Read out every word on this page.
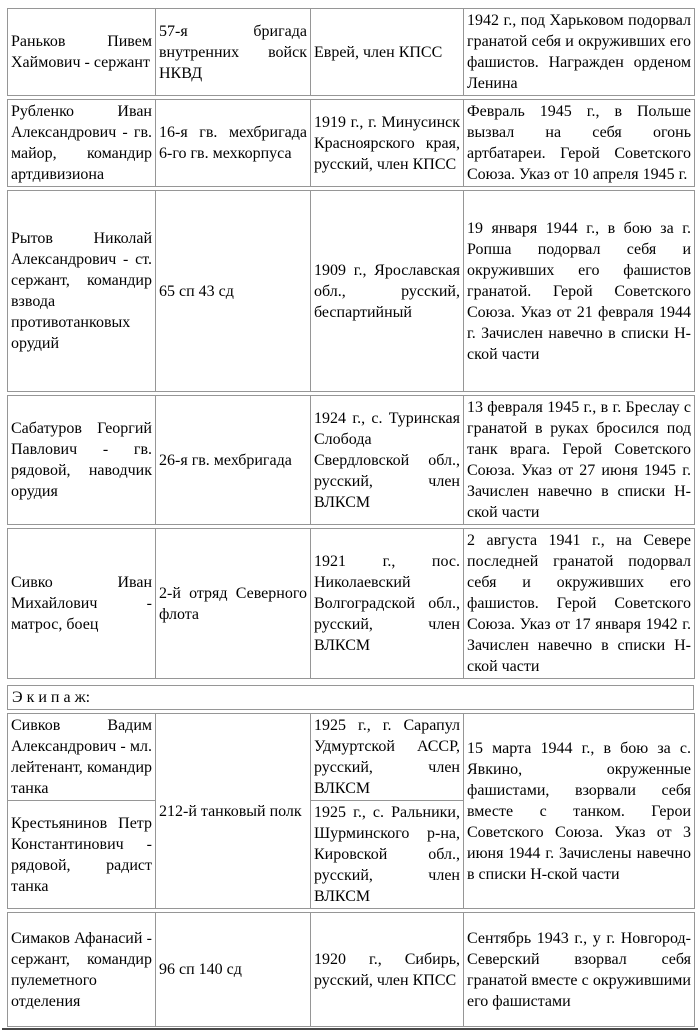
Раньков Пивем Хаймович - сержант	57-я бригада внутренних войск НКВД	Еврей, член КПСС	1942 г., под Харьковом подорвал гранатой себя и окруживших его фашистов. Награжден орденом Ленина
Рубленко Иван Александрович - гв. майор, командир артдивизиона	16-я гв. мехбригада 6-го гв. мехкорпуса	1919 г., г. Минусинск Красноярского края, русский, член КПСС	Февраль 1945 г., в Польше вызвал на себя огонь артбатареи. Герой Советского Союза. Указ от 10 апреля 1945 г.
Рытов Николай Александрович - ст. сержант, командир взвода противотанковых орудий	65 сп 43 сд	1909 г., Ярославская обл., русский, беспартийный	19 января 1944 г., в бою за г. Ропша подорвал себя и окруживших его фашистов гранатой. Герой Советского Союза. Указ от 21 февраля 1944 г. Зачислен навечно в списки Н-ской части
Сабатуров Георгий Павлович - гв. рядовой, наводчик орудия	26-я гв. мехбригада	1924 г., с. Туринская Слобода Свердловской обл., русский, член ВЛКСМ	13 февраля 1945 г., в г. Бреслау с гранатой в руках бросился под танк врага. Герой Советского Союза. Указ от 27 июня 1945 г. Зачислен навечно в списки Н-ской части
Сивко Иван Михайлович - матрос, боец	2-й отряд Северного флота	1921 г., пос. Николаевский Волгоградской обл., русский, член ВЛКСМ	2 августа 1941 г., на Севере последней гранатой подорвал себя и окруживших его фашистов. Герой Советского Союза. Указ от 17 января 1942 г. Зачислен навечно в списки Н-ской части
Э к и п а ж:
Сивков Вадим Александрович - мл. лейтенант, командир танка	212-й танковый полк	1925 г., г. Сарапул Удмуртской АССР, русский, член ВЛКСМ	15 марта 1944 г., в бою за с. Явкино, окруженные фашистами, взорвали себя вместе с танком. Герои Советского Союза. Указ от 3 июня 1944 г. Зачислены навечно в списки Н-ской части
Крестьянинов Петр Константинович - рядовой, радист танка		1925 г., с. Ральники, Шурминского р-на, Кировской обл., русский, член ВЛКСМ	
Симаков Афанасий - сержант, командир пулеметного отделения	96 сп 140 сд	1920 г., Сибирь, русский, член КПСС	Сентябрь 1943 г., у г. Новгород-Северский взорвал себя гранатой вместе с окружившими его фашистами
